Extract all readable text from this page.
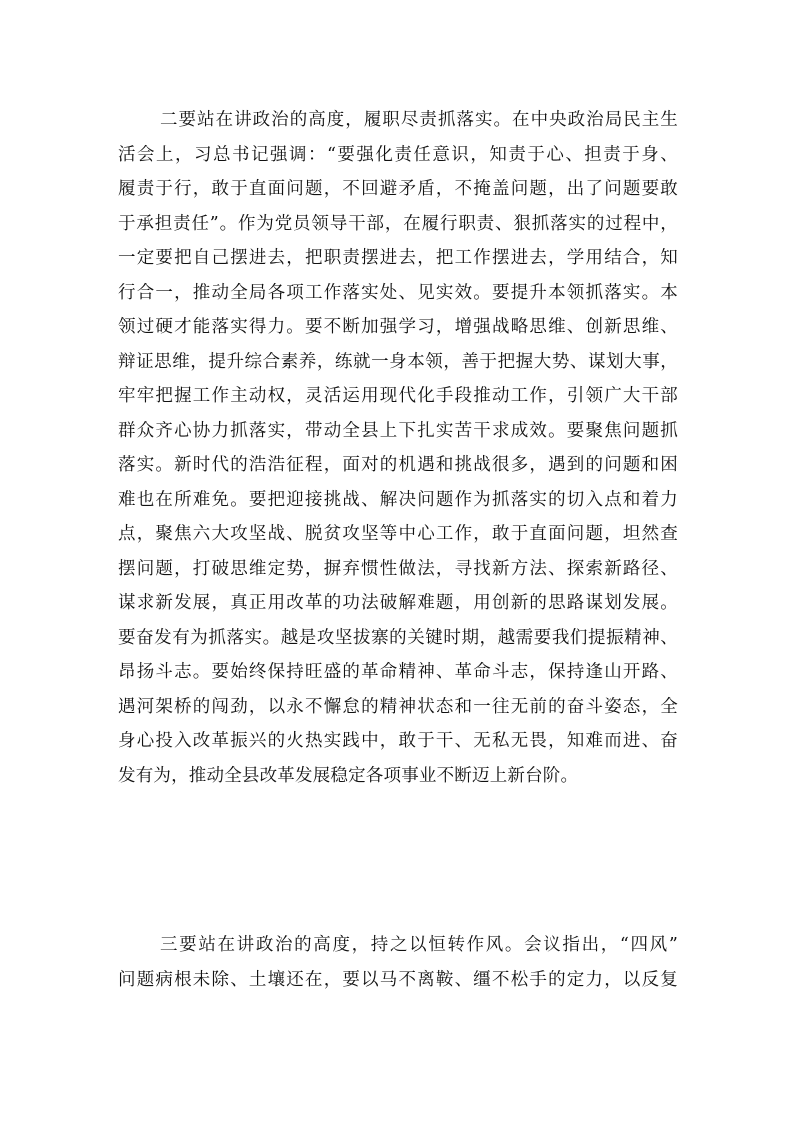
二要站在讲政治的高度，履职尽责抓落实。在中央政治局民主生
活会上，习总书记强调：“要强化责任意识，知责于心、担责于身、
履责于行，敢于直面问题，不回避矛盾，不掩盖问题，出了问题要敢
于承担责任”。作为党员领导干部，在履行职责、狠抓落实的过程中，
一定要把自己摆进去，把职责摆进去，把工作摆进去，学用结合，知
行合一，推动全局各项工作落实处、见实效。要提升本领抓落实。本
领过硬才能落实得力。要不断加强学习，增强战略思维、创新思维、
辩证思维，提升综合素养，练就一身本领，善于把握大势、谋划大事，
牢牢把握工作主动权，灵活运用现代化手段推动工作，引领广大干部
群众齐心协力抓落实，带动全县上下扎实苦干求成效。要聚焦问题抓
落实。新时代的浩浩征程，面对的机遇和挑战很多，遇到的问题和困
难也在所难免。要把迎接挑战、解决问题作为抓落实的切入点和着力
点，聚焦六大攻坚战、脱贫攻坚等中心工作，敢于直面问题，坦然查
摆问题，打破思维定势，摒弃惯性做法，寻找新方法、探索新路径、
谋求新发展，真正用改革的功法破解难题，用创新的思路谋划发展。
要奋发有为抓落实。越是攻坚拔寨的关键时期，越需要我们提振精神、
昂扬斗志。要始终保持旺盛的革命精神、革命斗志，保持逢山开路、
遇河架桥的闯劲，以永不懈怠的精神状态和一往无前的奋斗姿态，全
身心投入改革振兴的火热实践中，敢于干、无私无畏，知难而进、奋
发有为，推动全县改革发展稳定各项事业不断迈上新台阶。

三要站在讲政治的高度，持之以恒转作风。会议指出，“四风”
问题病根未除、土壤还在，要以马不离鞍、缰不松手的定力，以反复
